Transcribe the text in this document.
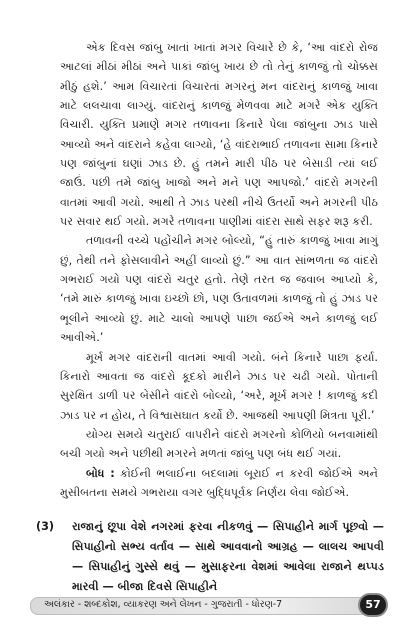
એક દિવસ જાંબુ ખાતાં ખાતાં મગર વિચારે છે કે, ‘આ વાંદરો રોજ આટલાં મીઠાં મીઠાં અને પાકાં જાંબુ ખાય છે તો તેનું કાળજું તો ચોક્કસ મીઠું હશે.’ આમ વિચારતાં વિચારતાં મગરનું મન વાંદરાનું કાળજું ખાવા માટે લલચાવા લાગ્યું. વાંદરાનું કાળજું મેળવવા માટે મગરે એક યુક્તિ વિચારી. યુક્તિ પ્રમાણે મગર તળાવના કિનારે પેલા જાંબુના ઝાડ પાસે આવ્યો અને વાંદરાને કહેવા લાગ્યો, ‘હે વાંદરાભાઈ તળાવના સામા કિનારે પણ જાંબુનાં ઘણાં ઝાડ છે. હું તમને મારી પીઠ પર બેસાડી ત્યાં લઈ જાઉં. પછી તમે જાંબુ ખાજો અને મને પણ આપજો.’ વાંદરો મગરની વાતમાં આવી ગયો. આથી તે ઝાડ પરથી નીચે ઉતર્યો અને મગરની પીઠ પર સવાર થઈ ગયો. મગરે તળાવના પાણીમાં વાંદરા સાથે સફર શરૂ કરી.

તળાવની વચ્ચે પહોંચીને મગર બોલ્યો, “હું તારું કાળજું ખાવા માગું છું, તેથી તને ફોસલાવીને અહીં લાવ્યો છું.” આ વાત સાંભળતા જ વાંદરો ગભરાઈ ગયો પણ વાંદરો ચતુર હતો. તેણે તરત જ જવાબ આપ્યો કે, ‘તમે મારું કાળજું ખાવા ઇચ્છો છો, પણ ઉતાવળમાં કાળજું તો હું ઝાડ પર ભૂલીને આવ્યો છું. માટે ચાલો આપણે પાછા જઈએ અને કાળજું લઈ આવીએ.’

મૂર્ખ મગર વાંદરાની વાતમાં આવી ગયો. બંને કિનારે પાછા ફર્યા. કિનારો આવતા જ વાંદરો કૂદકો મારીને ઝાડ પર ચઢી ગયો. પોતાની સુરક્ષિત ડાળી પર બેસીને વાંદરો બોલ્યો, ‘અરે, મૂર્ખ મગર ! કાળજું કદી ઝાડ પર ન હોય, તે વિશ્વાસઘાત કર્યો છે. આજથી આપણી મિત્રતા પૂરી.’

યોગ્ય સમયે ચતુરાઈ વાપરીને વાંદરો મગરનો કોળિયો બનવામાંથી બચી ગયો અને પછીથી મગરને મળતાં જાંબુ પણ બંધ થઈ ગયાં.

બોધ : કોઈની ભલાઈના બદલામાં બૂરાઈ ન કરવી જોઈએ અને મુસીબતના સમયે ગભરાયા વગર બુદ્ધિપૂર્વક નિર્ણય લેવા જોઈએ.

(3)	રાજાનું છૂપા વેશે નગરમાં ફરવા નીકળવું — સિપાહીને માર્ગ પૂછવો — સિપાહીનો સભ્ય વર્તાવ — સાથે આવવાનો આગ્રહ — લાલચ આપવી — સિપાહીનું ગુસ્સે થવું — મુસાફરના વેશમાં આવેલા રાજાને થપ્પડ મારવી — બીજા દિવસે સિપાહીને
અલંકાર - શબ્દકોશ, વ્યાકરણ અને લેખન - ગુજરાતી - ધોરણ-7	57
